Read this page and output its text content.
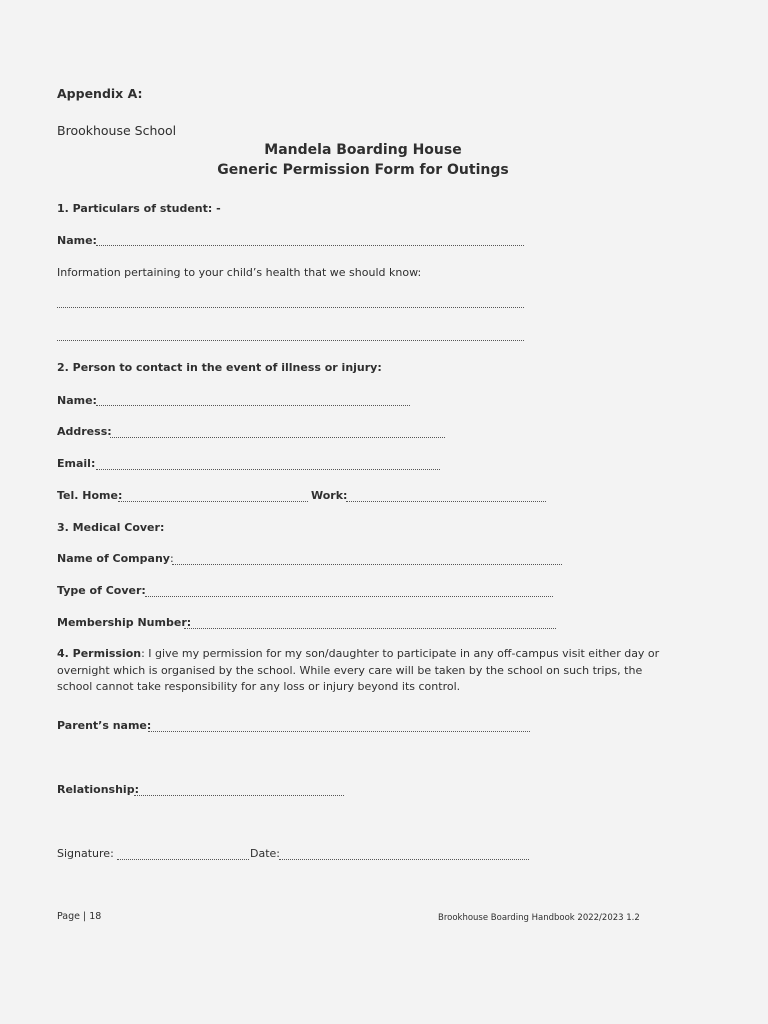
Appendix A:
Brookhouse School
Mandela Boarding House
Generic Permission Form for Outings
1. Particulars of student: -
Name:
Information pertaining to your child’s health that we should know:
2. Person to contact in the event of illness or injury:
Name:
Address:
Email:
Tel. Home:	Work:
3. Medical Cover:
Name of Company:
Type of Cover:
Membership Number:
4. Permission: I give my permission for my son/daughter to participate in any off-campus visit either day or overnight which is organised by the school. While every care will be taken by the school on such trips, the school cannot take responsibility for any loss or injury beyond its control.
Parent’s name:
Relationship:
Signature:	Date:
Page | 18	Brookhouse Boarding Handbook 2022/2023 1.2
